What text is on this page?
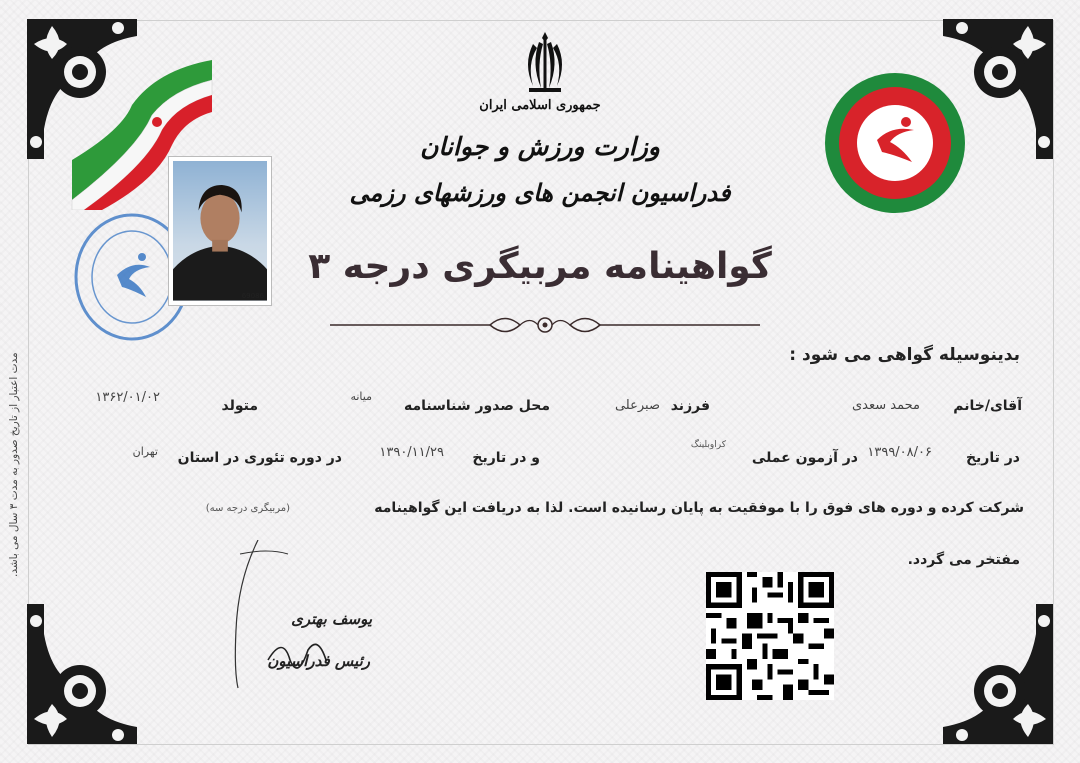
مدت اعتبار از تاریخ صدور به مدت ۳ سال می باشد.
جمهوری اسلامی ایران
وزارت ورزش و جوانان
فدراسیون انجمن های ورزشهای رزمی
69086
گواهینامه مربیگری درجه ۳
بدینوسیله گواهی می شود :
آقای/خانم
محمد سعدی
فرزند
صبرعلی
محل صدور شناسنامه
میانه
متولد
۱۳۶۲/۰۱/۰۲
در تاریخ
۱۳۹۹/۰۸/۰۶
در آزمون عملی
کراوبلینگ
و در تاریخ
۱۳۹۰/۱۱/۲۹
در دوره تئوری در استان
تهران
شرکت کرده و دوره های فوق را با موفقیت به پایان رسانیده است. لذا به دریافت این گواهینامه
(مربیگری درجه سه)
مفتخر می گردد.
یوسف بهتری
رئیس فدراسیون
